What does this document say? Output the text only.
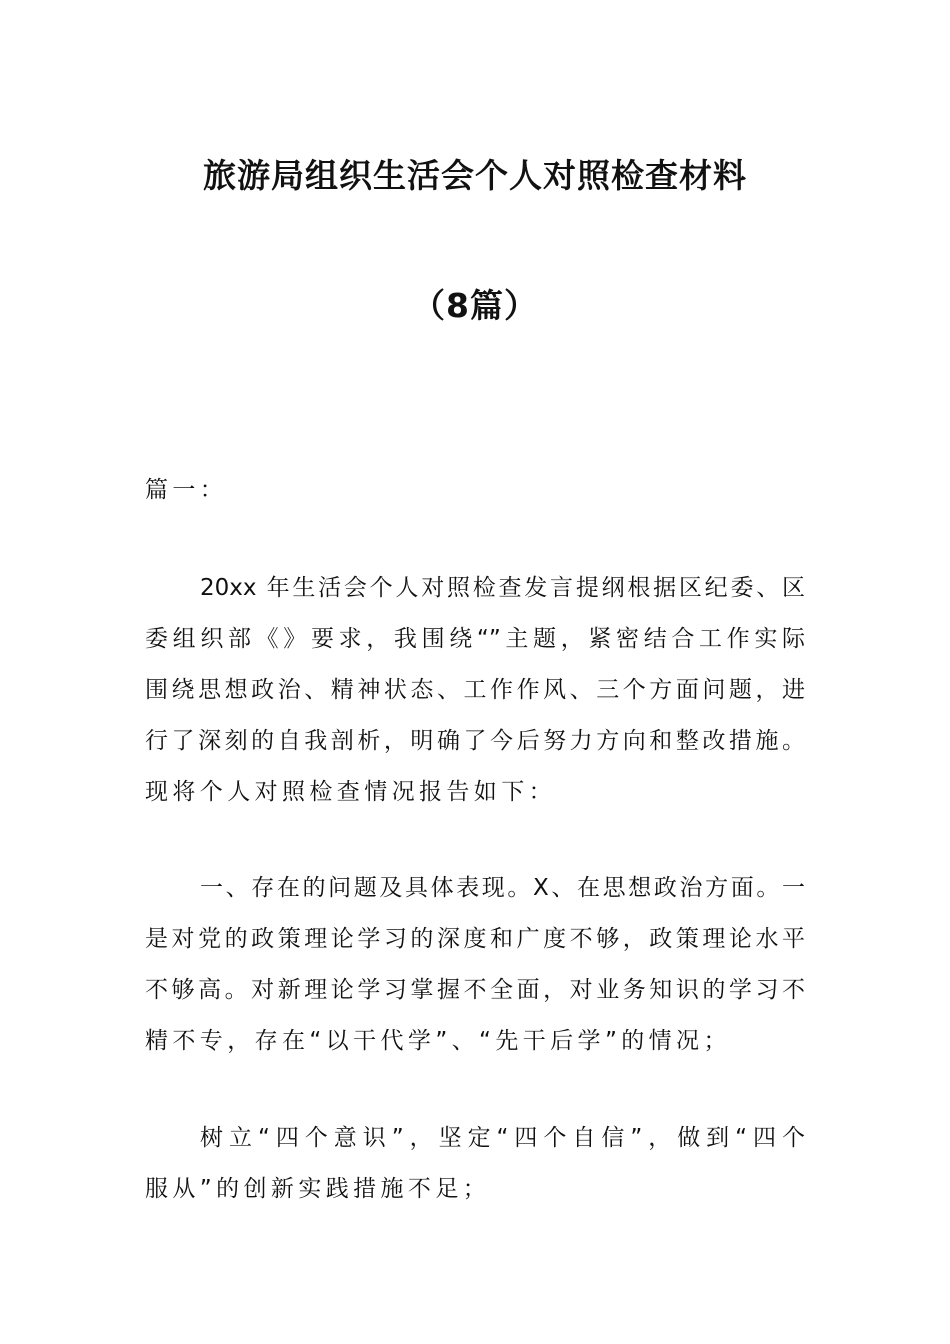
旅游局组织生活会个人对照检查材料
（8篇）
篇一：
20xx 年生活会个人对照检查发言提纲根据区纪委、区
委组织部《》要求，我围绕“”主题，紧密结合工作实际
围绕思想政治、精神状态、工作作风、三个方面问题，进
行了深刻的自我剖析，明确了今后努力方向和整改措施。
现将个人对照检查情况报告如下：
一、存在的问题及具体表现。X、在思想政治方面。一
是对党的政策理论学习的深度和广度不够，政策理论水平
不够高。对新理论学习掌握不全面，对业务知识的学习不
精不专，存在“以干代学”、“先干后学”的情况；
树立“四个意识”，坚定“四个自信”，做到“四个
服从”的创新实践措施不足；
